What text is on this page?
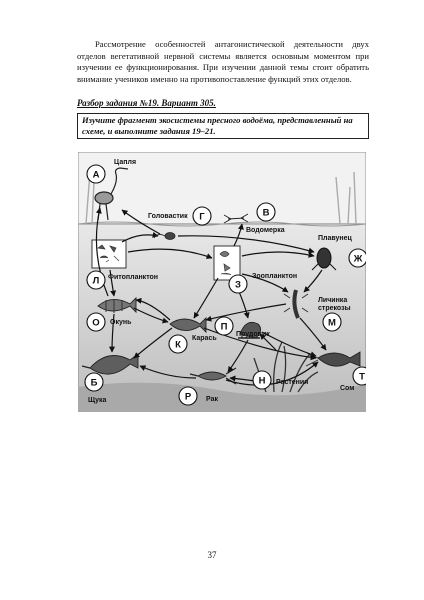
Рассмотрение особенностей антагонистической деятельности двух отделов вегетативной нервной системы является основным моментом при изучении ее функционирования. При изучении данной темы стоит обратить внимание учеников именно на противопоставление функций этих отделов.

Разбор задания №19. Вариант 305.

Изучите фрагмент экосистемы пресного водоёма, представленный на схеме, и выполните задания 19–21.

А
Г	В
Ж
Л	З
О	М
П
К
Б	Н
Р
Т
Цапля
Головастик
Водомерка
Плавунец
Фитопланктон	Зоопланктон
Окунь
Личинка
стрекозы
Карась
Прудовик
Щука
Растения
Сом
Рак
37
